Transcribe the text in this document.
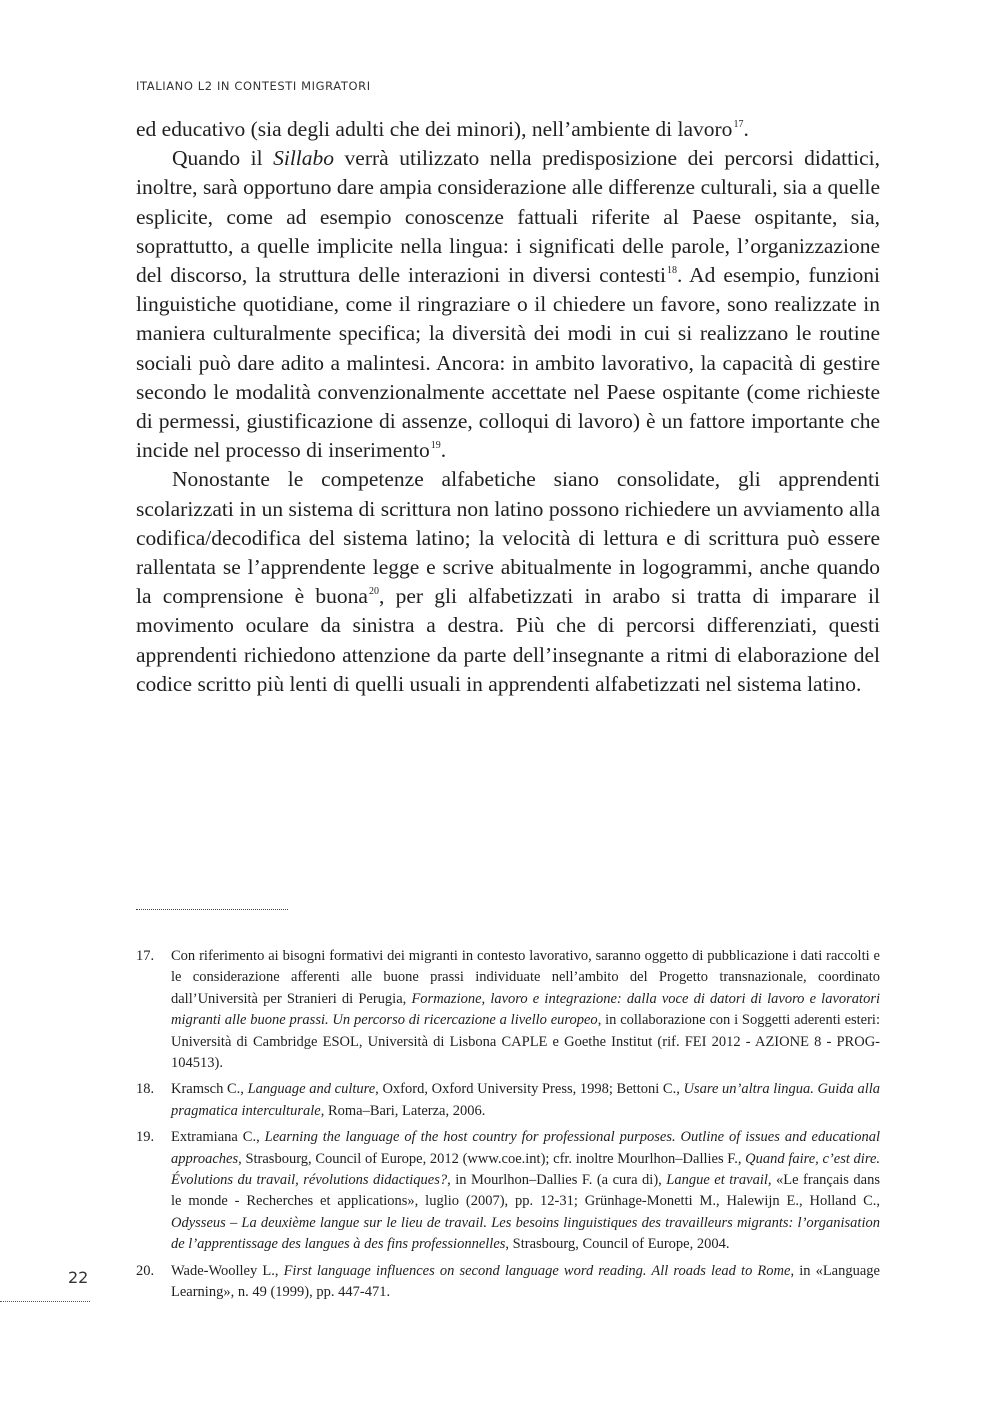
ITALIANO L2 IN CONTESTI MIGRATORI

ed educativo (sia degli adulti che dei minori), nell’ambiente di lavoro$^{17}$.

Quando il Sillabo verrà utilizzato nella predisposizione dei percorsi didattici, inoltre, sarà opportuno dare ampia considerazione alle differenze culturali, sia a quelle esplicite, come ad esempio conoscenze fattuali riferite al Paese ospitante, sia, soprattutto, a quelle implicite nella lingua: i significati delle parole, l’organizzazione del discorso, la struttura delle interazioni in diversi contesti$^{18}$. Ad esempio, funzioni linguistiche quotidiane, come il ringraziare o il chiedere un favore, sono realizzate in maniera culturalmente specifica; la diversità dei modi in cui si realizzano le routine sociali può dare adito a malintesi. Ancora: in ambito lavorativo, la capacità di gestire secondo le modalità convenzionalmente accettate nel Paese ospitante (come richieste di permessi, giustificazione di assenze, colloqui di lavoro) è un fattore importante che incide nel processo di inserimento$^{19}$.

Nonostante le competenze alfabetiche siano consolidate, gli apprendenti scolarizzati in un sistema di scrittura non latino possono richiedere un avviamento alla codifica/decodifica del sistema latino; la velocità di lettura e di scrittura può essere rallentata se l’apprendente legge e scrive abitualmente in logogrammi, anche quando la comprensione è buona$^{20}$, per gli alfabetizzati in arabo si tratta di imparare il movimento oculare da sinistra a destra. Più che di percorsi differenziati, questi apprendenti richiedono attenzione da parte dell’insegnante a ritmi di elaborazione del codice scritto più lenti di quelli usuali in apprendenti alfabetizzati nel sistema latino.

17.	Con riferimento ai bisogni formativi dei migranti in contesto lavorativo, saranno oggetto di pubblicazione i dati raccolti e le considerazione afferenti alle buone prassi individuate nell’ambito del Progetto transnazionale, coordinato dall’Università per Stranieri di Perugia, Formazione, lavoro e integrazione: dalla voce di datori di lavoro e lavoratori migranti alle buone prassi. Un percorso di ricercazione a livello europeo, in collaborazione con i Soggetti aderenti esteri: Università di Cambridge ESOL, Università di Lisbona CAPLE e Goethe Institut (rif. FEI 2012 - AZIONE 8 - PROG-104513).
18.	Kramsch C., Language and culture, Oxford, Oxford University Press, 1998; Bettoni C., Usare un’altra lingua. Guida alla pragmatica interculturale, Roma–Bari, Laterza, 2006.
19.	Extramiana C., Learning the language of the host country for professional purposes. Outline of issues and educational approaches, Strasbourg, Council of Europe, 2012 (www.coe.int); cfr. inoltre Mourlhon–Dallies F., Quand faire, c’est dire. Évolutions du travail, révolutions didactiques?, in Mourlhon–Dallies F. (a cura di), Langue et travail, «Le français dans le monde - Recherches et applications», luglio (2007), pp. 12-31; Grünhage-Monetti M., Halewijn E., Holland C., Odysseus – La deuxième langue sur le lieu de travail. Les besoins linguistiques des travailleurs migrants: l’organisation de l’apprentissage des langues à des fins professionnelles, Strasbourg, Council of Europe, 2004.
20.	Wade-Woolley L., First language influences on second language word reading. All roads lead to Rome, in «Language Learning», n. 49 (1999), pp. 447-471.
22
